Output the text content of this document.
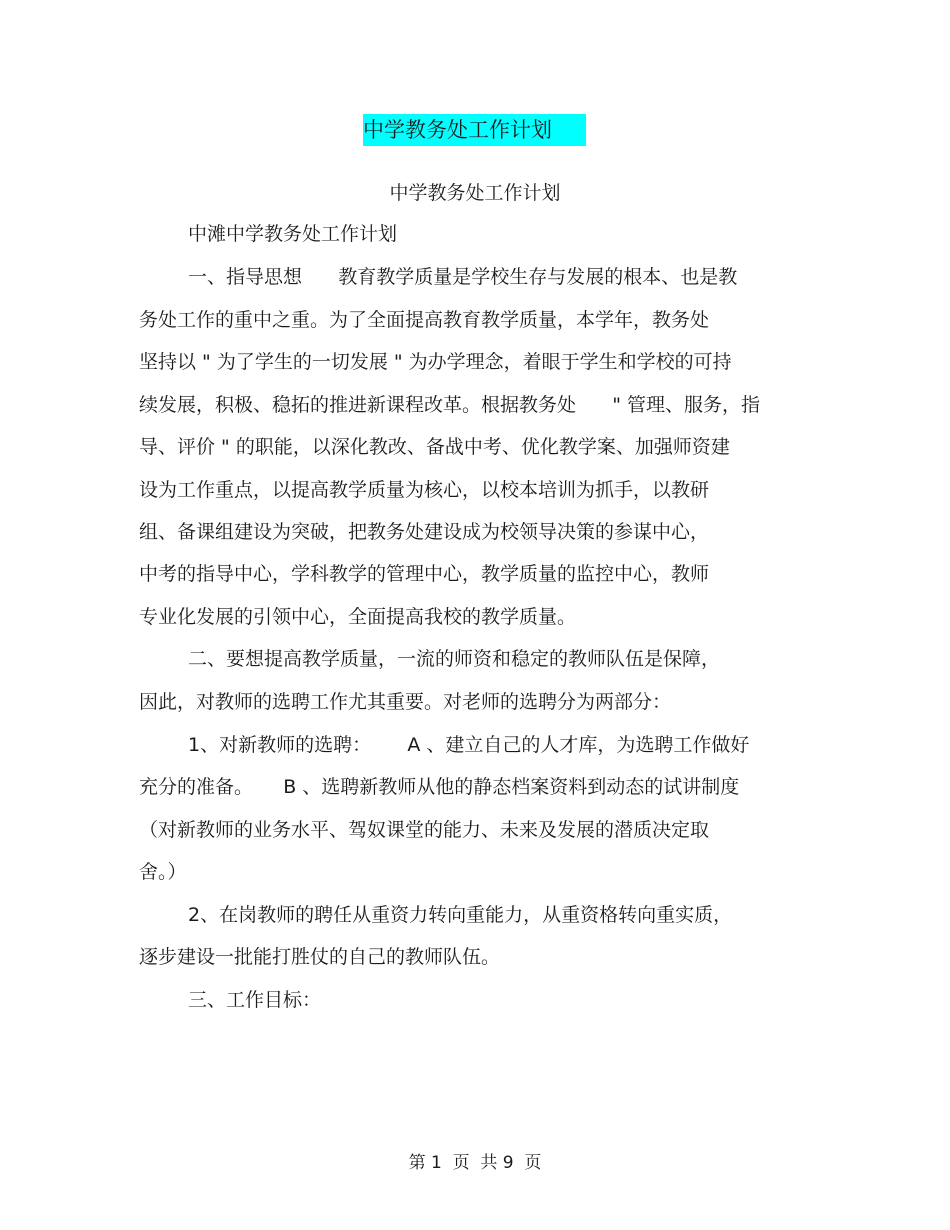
中学教务处工作计划
中学教务处工作计划
中滩中学教务处工作计划
一、指导思想      教育教学质量是学校生存与发展的根本、也是教
务处工作的重中之重。为了全面提高教育教学质量，本学年，教务处
坚持以 " 为了学生的一切发展 " 为办学理念，着眼于学生和学校的可持
续发展，积极、稳拓的推进新课程改革。根据教务处      " 管理、服务，指
导、评价 " 的职能，以深化教改、备战中考、优化教学案、加强师资建
设为工作重点，以提高教学质量为核心，以校本培训为抓手，以教研
组、备课组建设为突破，把教务处建设成为校领导决策的参谋中心，
中考的指导中心，学科教学的管理中心，教学质量的监控中心，教师
专业化发展的引领中心，全面提高我校的教学质量。
二、要想提高教学质量，一流的师资和稳定的教师队伍是保障，
因此，对教师的选聘工作尤其重要。对老师的选聘分为两部分：
1、对新教师的选聘：      A 、建立自己的人才库，为选聘工作做好
充分的准备。     B 、选聘新教师从他的静态档案资料到动态的试讲制度
（对新教师的业务水平、驾奴课堂的能力、未来及发展的潜质决定取
舍。）
2、在岗教师的聘任从重资力转向重能力，从重资格转向重实质，
逐步建设一批能打胜仗的自己的教师队伍。
三、工作目标：
第 1  页  共 9  页
